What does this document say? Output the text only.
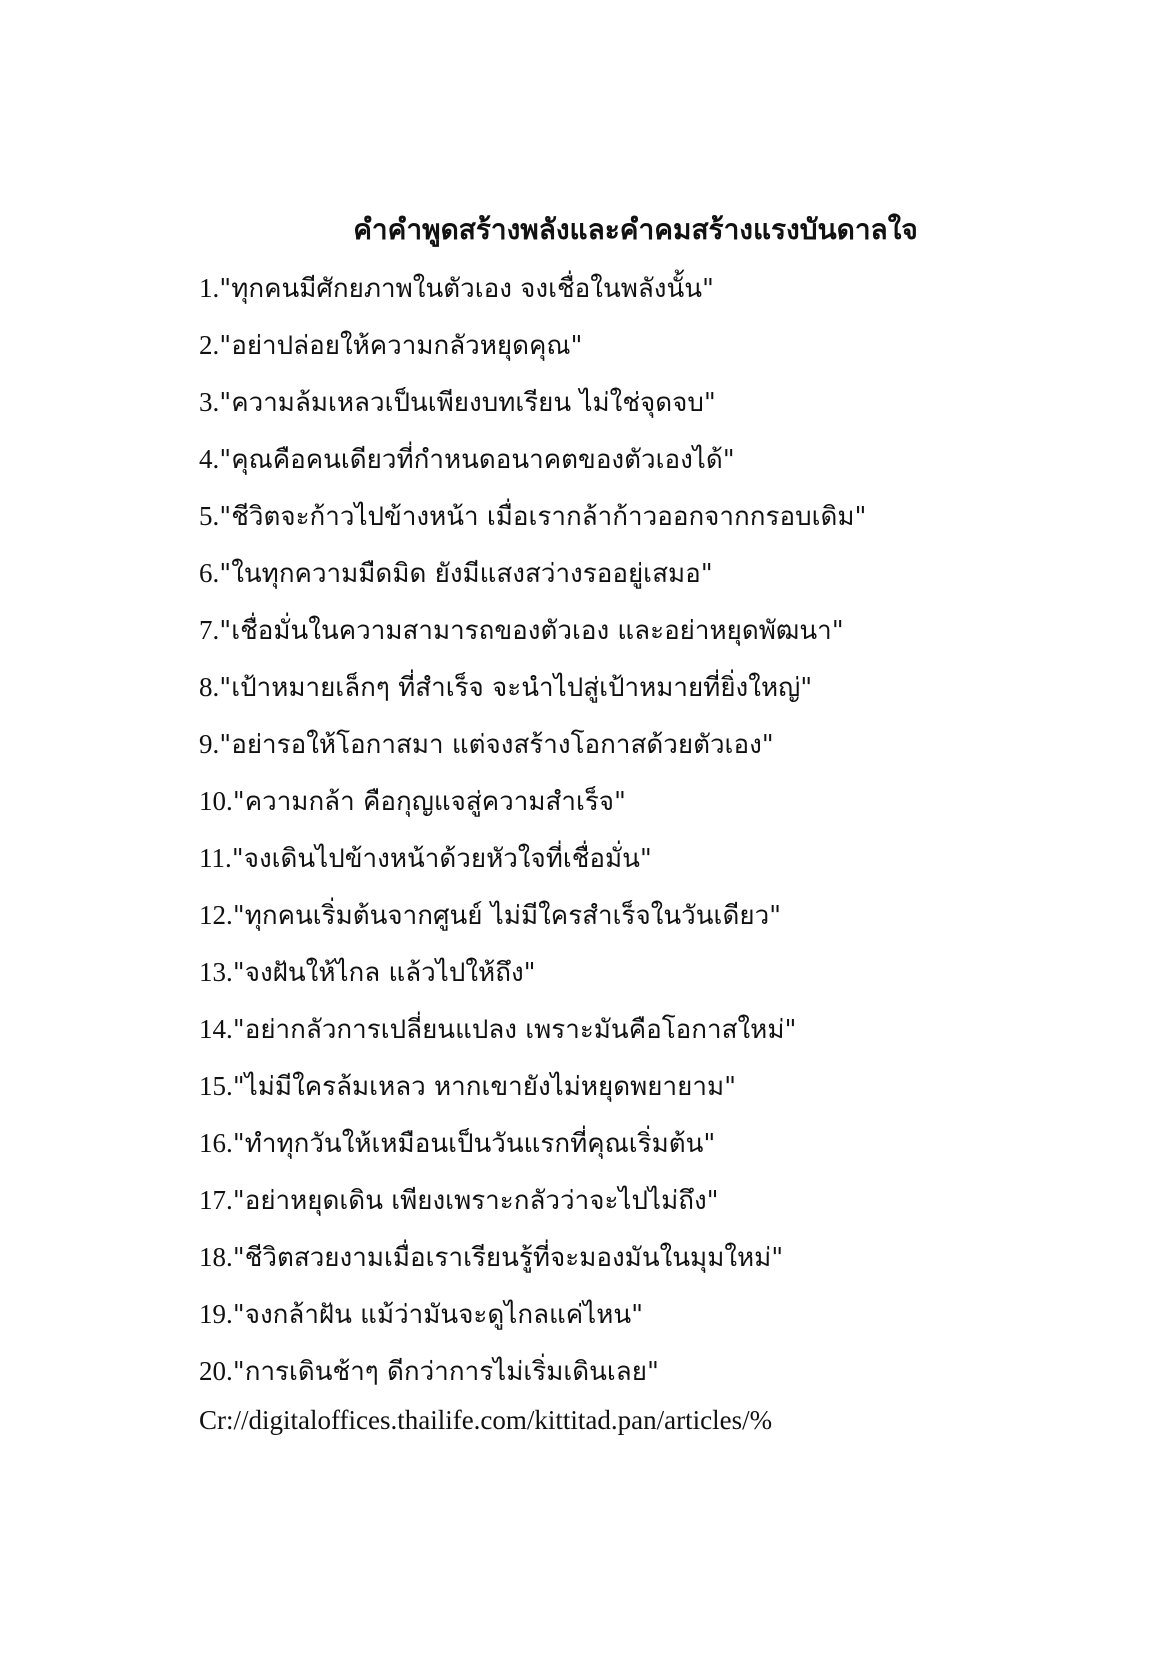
คำคำพูดสร้างพลังและคำคมสร้างแรงบันดาลใจ
1."ทุกคนมีศักยภาพในตัวเอง จงเชื่อในพลังนั้น"
2."อย่าปล่อยให้ความกลัวหยุดคุณ"
3."ความล้มเหลวเป็นเพียงบทเรียน ไม่ใช่จุดจบ"
4."คุณคือคนเดียวที่กำหนดอนาคตของตัวเองได้"
5."ชีวิตจะก้าวไปข้างหน้า เมื่อเรากล้าก้าวออกจากกรอบเดิม"
6."ในทุกความมืดมิด ยังมีแสงสว่างรออยู่เสมอ"
7."เชื่อมั่นในความสามารถของตัวเอง และอย่าหยุดพัฒนา"
8."เป้าหมายเล็กๆ ที่สำเร็จ จะนำไปสู่เป้าหมายที่ยิ่งใหญ่"
9."อย่ารอให้โอกาสมา แต่จงสร้างโอกาสด้วยตัวเอง"
10."ความกล้า คือกุญแจสู่ความสำเร็จ"
11."จงเดินไปข้างหน้าด้วยหัวใจที่เชื่อมั่น"
12."ทุกคนเริ่มต้นจากศูนย์ ไม่มีใครสำเร็จในวันเดียว"
13."จงฝันให้ไกล แล้วไปให้ถึง"
14."อย่ากลัวการเปลี่ยนแปลง เพราะมันคือโอกาสใหม่"
15."ไม่มีใครล้มเหลว หากเขายังไม่หยุดพยายาม"
16."ทำทุกวันให้เหมือนเป็นวันแรกที่คุณเริ่มต้น"
17."อย่าหยุดเดิน เพียงเพราะกลัวว่าจะไปไม่ถึง"
18."ชีวิตสวยงามเมื่อเราเรียนรู้ที่จะมองมันในมุมใหม่"
19."จงกล้าฝัน แม้ว่ามันจะดูไกลแค่ไหน"
20."การเดินช้าๆ ดีกว่าการไม่เริ่มเดินเลย"
Cr://digitaloffices.thailife.com/kittitad.pan/articles/%
